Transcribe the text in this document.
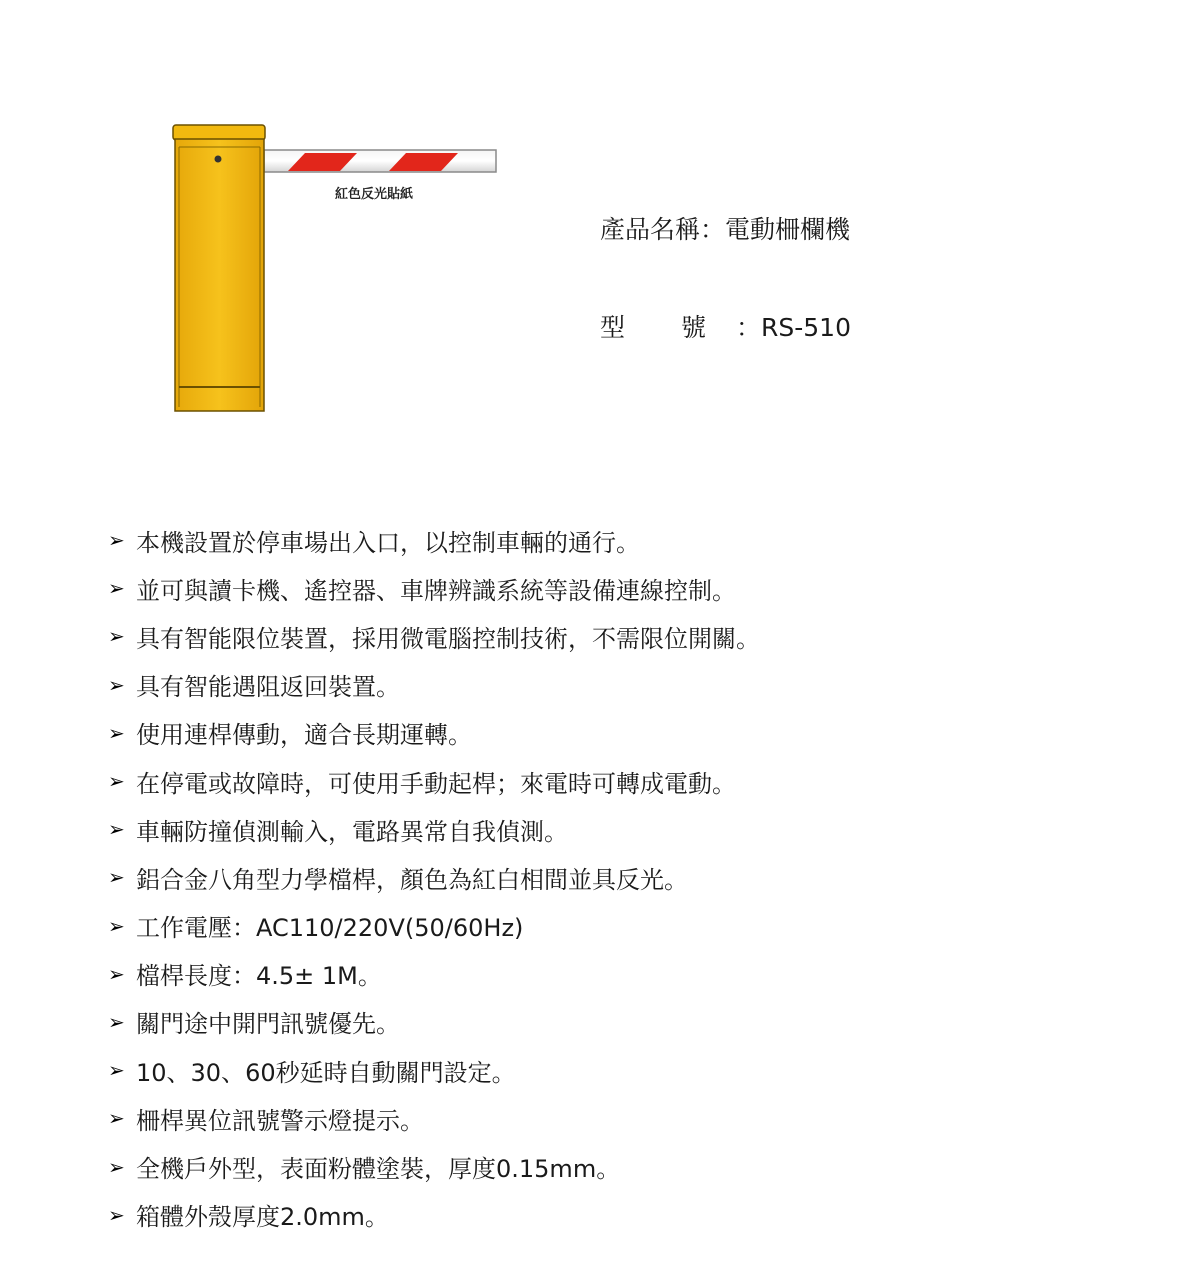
紅色反光貼紙
產品名稱：電動柵欄機
型 號 ：RS-510
➢ 本機設置於停車場出入口，以控制車輛的通行。
➢ 並可與讀卡機、遙控器、車牌辨識系統等設備連線控制。
➢ 具有智能限位裝置，採用微電腦控制技術，不需限位開關。
➢ 具有智能遇阻返回裝置。
➢ 使用連桿傳動，適合長期運轉。
➢ 在停電或故障時，可使用手動起桿；來電時可轉成電動。
➢ 車輛防撞偵測輸入，電路異常自我偵測。
➢ 鋁合金八角型力學檔桿，顏色為紅白相間並具反光。
➢ 工作電壓：AC110/220V(50/60Hz)
➢ 檔桿長度：4.5± 1M。
➢ 關門途中開門訊號優先。
➢ 10、30、60秒延時自動關門設定。
➢ 柵桿異位訊號警示燈提示。
➢ 全機戶外型，表面粉體塗裝，厚度0.15mm。
➢ 箱體外殼厚度2.0mm。
